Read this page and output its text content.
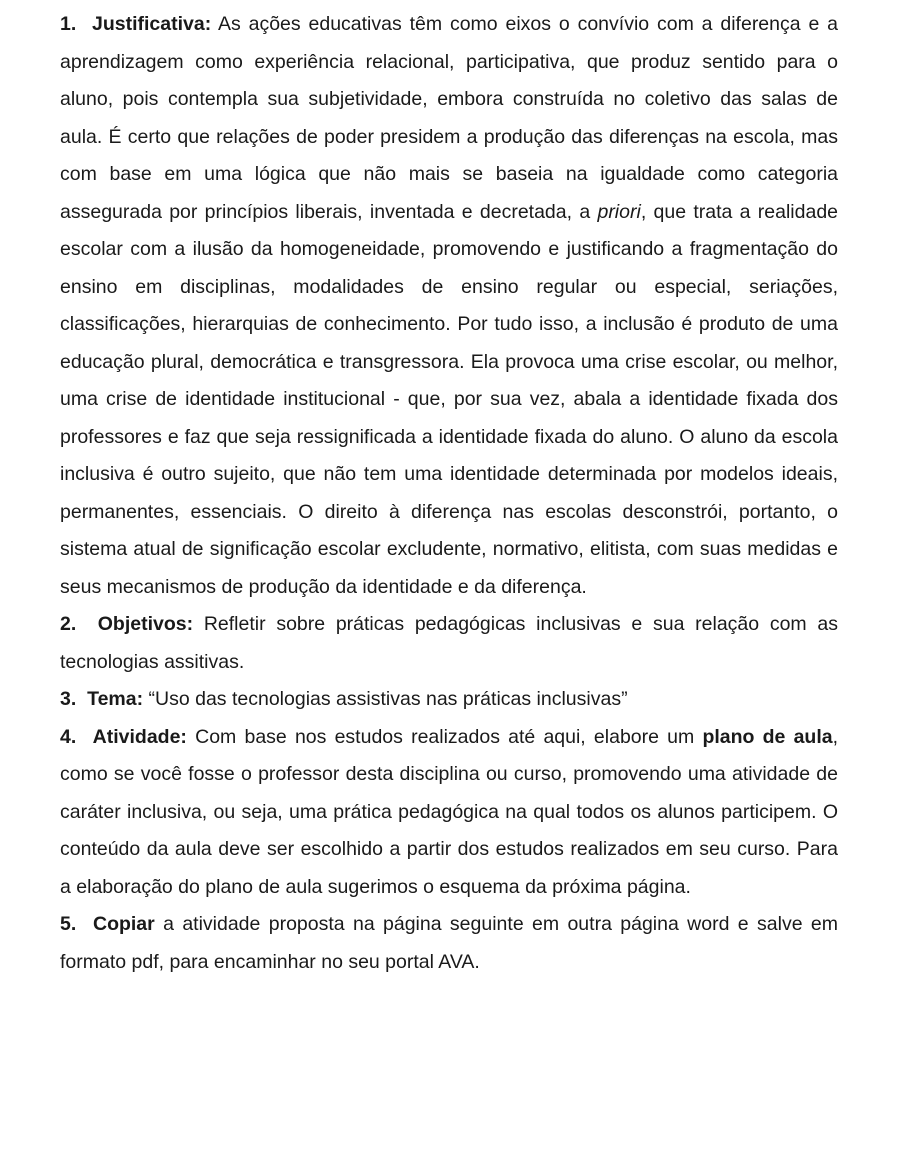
1. Justificativa: As ações educativas têm como eixos o convívio com a diferença e a aprendizagem como experiência relacional, participativa, que produz sentido para o aluno, pois contempla sua subjetividade, embora construída no coletivo das salas de aula. É certo que relações de poder presidem a produção das diferenças na escola, mas com base em uma lógica que não mais se baseia na igualdade como categoria assegurada por princípios liberais, inventada e decretada, a priori, que trata a realidade escolar com a ilusão da homogeneidade, promovendo e justificando a fragmentação do ensino em disciplinas, modalidades de ensino regular ou especial, seriações, classificações, hierarquias de conhecimento. Por tudo isso, a inclusão é produto de uma educação plural, democrática e transgressora. Ela provoca uma crise escolar, ou melhor, uma crise de identidade institucional - que, por sua vez, abala a identidade fixada dos professores e faz que seja ressignificada a identidade fixada do aluno. O aluno da escola inclusiva é outro sujeito, que não tem uma identidade determinada por modelos ideais, permanentes, essenciais. O direito à diferença nas escolas desconstrói, portanto, o sistema atual de significação escolar excludente, normativo, elitista, com suas medidas e seus mecanismos de produção da identidade e da diferença.

2. Objetivos: Refletir sobre práticas pedagógicas inclusivas e sua relação com as tecnologias assitivas.

3. Tema: “Uso das tecnologias assistivas nas práticas inclusivas”

4. Atividade: Com base nos estudos realizados até aqui, elabore um plano de aula, como se você fosse o professor desta disciplina ou curso, promovendo uma atividade de caráter inclusiva, ou seja, uma prática pedagógica na qual todos os alunos participem. O conteúdo da aula deve ser escolhido a partir dos estudos realizados em seu curso. Para a elaboração do plano de aula sugerimos o esquema da próxima página.

5. Copiar a atividade proposta na página seguinte em outra página word e salve em formato pdf, para encaminhar no seu portal AVA.
